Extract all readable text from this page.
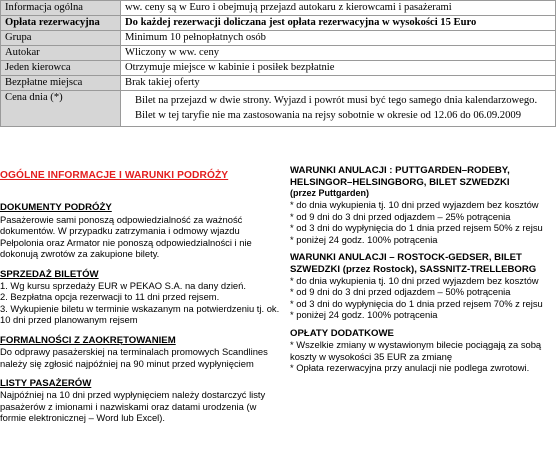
Informacja ogólna	ww. ceny są w Euro i obejmują przejazd autokaru z kierowcami i pasażerami
Opłata rezerwacyjna	Do każdej rezerwacji doliczana jest opłata rezerwacyjna w wysokości 15 Euro
Grupa	Minimum 10 pełnopłatnych osób
Autokar	Wliczony w ww. ceny
Jeden kierowca	Otrzymuje miejsce w kabinie i posiłek bezpłatnie
Bezpłatne miejsca	Brak takiej oferty
Cena dnia (*)	Bilet na przejazd w dwie strony. Wyjazd i powrót musi być tego samego dnia kalendarzowego. Bilet w tej taryfie nie ma zastosowania na rejsy sobotnie w okresie od 12.06 do 06.09.2009
OGÓLNE INFORMACJE I WARUNKI PODRÓŻY
DOKUMENTY PODRÓŻY

Pasażerowie sami ponoszą odpowiedzialność za ważność dokumentów. W przypadku zatrzymania i odmowy wjazdu Pełpolonia oraz Armator nie ponoszą odpowiedzialności i nie dokonują zwrotów za zakupione bilety.

SPRZEDAŻ BILETÓW
1. Wg kursu sprzedaży EUR w PEKAO S.A. na dany dzień.
2. Bezpłatna opcja rezerwacji to 11 dni przed rejsem.
3. Wykupienie biletu w terminie wskazanym na potwierdzeniu tj. ok. 10 dni przed planowanym rejsem
FORMALNOŚCI Z ZAOKRĘTOWANIEM

Do odprawy pasażerskiej na terminalach promowych Scandlines należy się zgłosić najpóźniej na 90 minut przed wypłynięciem

LISTY PASAŻERÓW

Najpóźniej na 10 dni przed wypłynięciem należy dostarczyć listy pasażerów z imionami i nazwiskami oraz datami urodzenia (w formie elektronicznej – Word lub Excel).

WARUNKI ANULACJI : PUTTGARDEN–RODEBY, HELSINGOR–HELSINGBORG, BILET SZWEDZKI

(przez Puttgarden)

* do dnia wykupienia tj. 10 dni przed wyjazdem bez kosztów
* od 9 dni do 3 dni przed odjazdem – 25% potrącenia
* od 3 dni do wypłynięcia do 1 dnia przed rejsem 50% z rejsu
* poniżej 24 godz. 100% potrącenia
WARUNKI ANULACJI – ROSTOCK-GEDSER, BILET SZWEDZKI (przez Rostock), SASSNITZ-TRELLEBORG
* do dnia wykupienia tj. 10 dni przed wyjazdem bez kosztów
* od 9 dni do 3 dni przed odjazdem – 50% potrącenia
* od 3 dni do wypłynięcia do 1 dnia przed rejsem 70% z rejsu
* poniżej 24 godz. 100% potrącenia
OPŁATY DODATKOWE
* Wszelkie zmiany w wystawionym bilecie pociągają za sobą koszty w wysokości 35 EUR za zmianę
* Opłata rezerwacyjna przy anulacji nie podlega zwrotowi.
